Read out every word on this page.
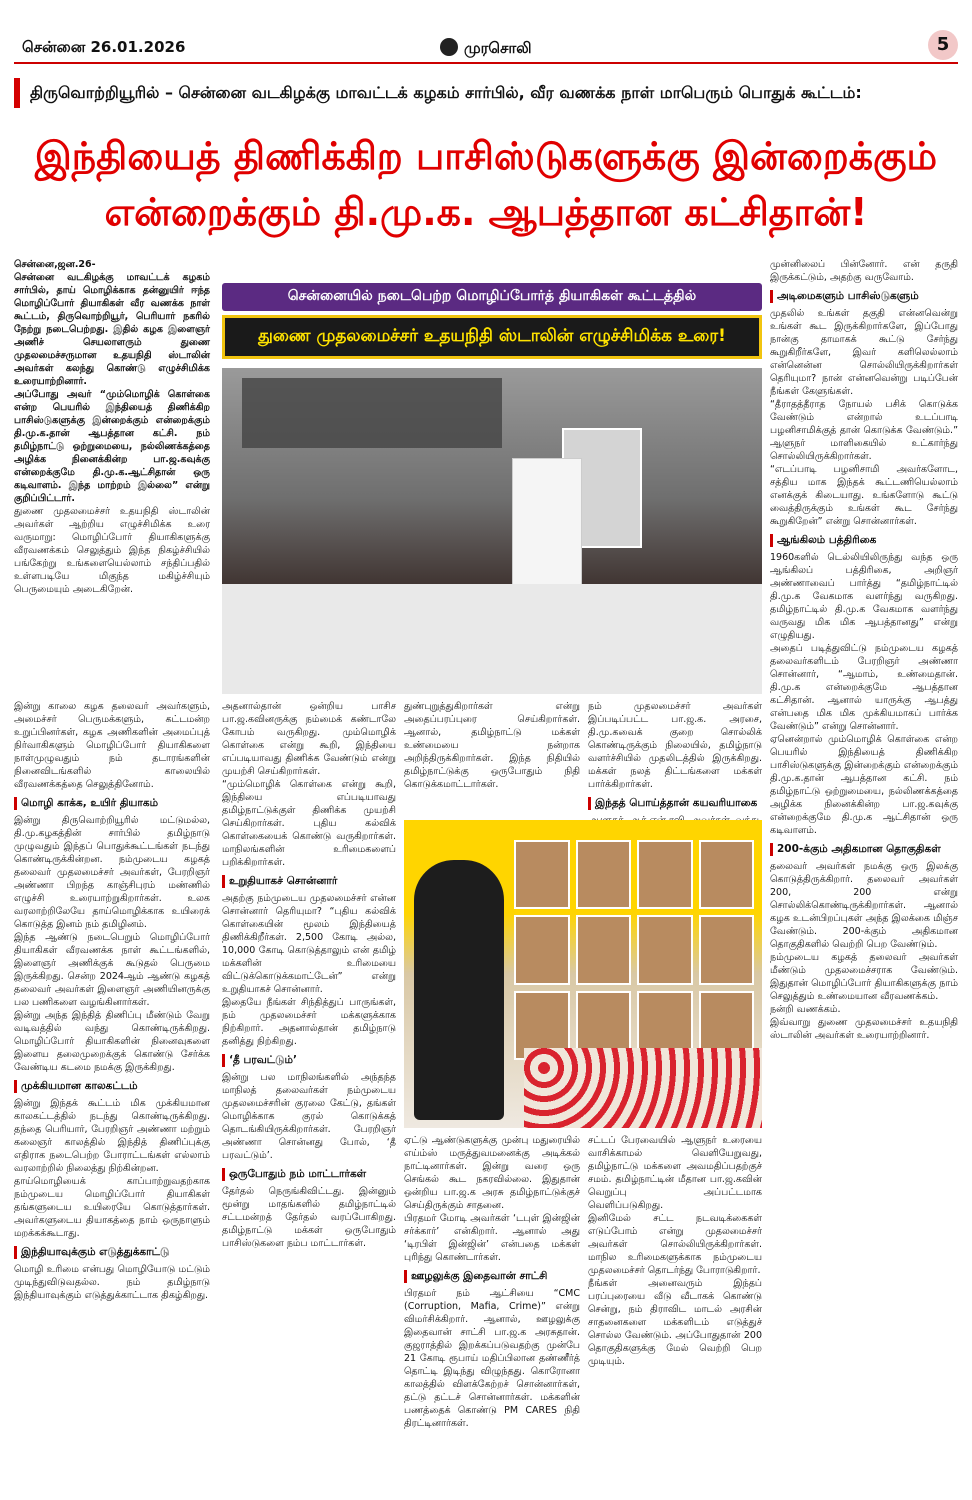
சென்னை 26.01.2026	முரசொலி	5
திருவொற்றியூரில் – சென்னை வடகிழக்கு மாவட்டக் கழகம் சார்பில், வீர வணக்க நாள் மாபெரும் பொதுக் கூட்டம்:
இந்தியைத் திணிக்கிற பாசிஸ்டுகளுக்கு இன்றைக்கும்
என்றைக்கும் தி.மு.க. ஆபத்தான கட்சிதான்!

சென்னை,ஜன.26-

சென்னை வடகிழக்கு மாவட்டக் கழகம் சார்பில், தாய் மொழிக்காக தன்னுயிர் ஈந்த மொழிப்போர் தியாகிகள் வீர வணக்க நாள் கூட்டம், திருவொற்றியூர், பெரியார் நகரில் நேற்று நடைபெற்றது. இதில் கழக இளைஞர் அணிச் செயலாளரும் துணை முதலமைச்சருமான உதயநிதி ஸ்டாலின் அவர்கள் கலந்து கொண்டு எழுச்சிமிக்க உரையாற்றினார்.

அப்போது அவர் “மும்மொழிக் கொள்கை என்ற பெயரில் இந்தியைத் திணிக்கிற பாசிஸ்டுகளுக்கு இன்றைக்கும் என்றைக்கும் தி.மு.க.தான் ஆபத்தான கட்சி. நம் தமிழ்நாட்டு ஒற்றுமையை, நல்லிணக்கத்தை அழிக்க நினைக்கின்ற பா.ஜ.கவுக்கு என்றைக்குமே தி.மு.க.ஆட்சிதான் ஒரு கடிவாளம். இந்த மாற்றம் இல்லை” என்று குறிப்பிட்டார்.

துணை முதலமைச்சர் உதயநிதி ஸ்டாலின் அவர்கள் ஆற்றிய எழுச்சிமிக்க உரை வருமாறு: மொழிப்போர் தியாகிகளுக்கு வீரவணக்கம் செலுத்தும் இந்த நிகழ்ச்சியில் பங்கேற்று உங்களையெல்லாம் சந்திப்பதில் உள்ளபடியே மிகுந்த மகிழ்ச்சியும் பெருமையும் அடைகிறேன்.

சென்னையில் நடைபெற்ற மொழிப்போர்த் தியாகிகள் கூட்டத்தில்
துணை முதலமைச்சர் உதயநிதி ஸ்டாலின் எழுச்சிமிக்க உரை!

இன்று காலை கழக தலைவர் அவர்களும், அமைச்சர் பெருமக்களும், கட்டமன்ற உறுப்பினர்கள், கழக அணிகளின் அமைப்புத் நிர்வாகிகளும் மொழிப்போர் தியாகிகளை நாள்முழுவதும் நம் தடாரங்களின் நினைவிடங்களில் காலையில் வீரவணக்கத்தை செலுத்தினோம்.

மொழி காக்க, உயிர் தியாகம்

இன்று திருவொற்றியூரில் மட்டுமல்ல, தி.மு.கழகத்தின் சார்பில் தமிழ்நாடு முழுவதும் இந்தப் பொதுக்கூட்டங்கள் நடந்து கொண்டிருக்கின்றன. நம்முடைய கழகத் தலைவர் முதலமைச்சர் அவர்கள், பேரறிஞர் அண்ணா பிறந்த காஞ்சிபுரம் மண்ணில் எழுச்சி உரையாற்றுகிறார்கள். உலக வரலாற்றிலேயே தாய்மொழிக்காக உயிரைக் கொடுத்த இனம் நம் தமிழினம்.

இந்த ஆண்டு நடைபெறும் மொழிப்போர் தியாகிகள் வீரவணக்க நாள் கூட்டங்களில், இளைஞர் அணிக்குக் கூடுதல் பெருமை இருக்கிறது. சென்ற 2024ஆம் ஆண்டு கழகத் தலைவர் அவர்கள் இளைஞர் அணியினருக்கு பல பணிகளை வழங்கினார்கள்.

இன்று அந்த இந்தித் திணிப்பு மீண்டும் வேறு வடிவத்தில் வந்து கொண்டிருக்கிறது. மொழிப்போர் தியாகிகளின் நினைவுகளை இளைய தலைமுறைக்குக் கொண்டு சேர்க்க வேண்டிய கடமை நமக்கு இருக்கிறது.

முக்கியமான காலகட்டம்

இன்று இந்தக் கூட்டம் மிக முக்கியமான காலகட்டத்தில் நடந்து கொண்டிருக்கிறது. தந்தை பெரியார், பேரறிஞர் அண்ணா மற்றும் கலைஞர் காலத்தில் இந்தித் திணிப்புக்கு எதிராக நடைபெற்ற போராட்டங்கள் எல்லாம் வரலாற்றில் நிலைத்து நிற்கின்றன.

தாய்மொழியைக் காப்பாற்றுவதற்காக நம்முடைய மொழிப்போர் தியாகிகள் தங்களுடைய உயிரையே கொடுத்தார்கள். அவர்களுடைய தியாகத்தை நாம் ஒருநாளும் மறக்கக்கூடாது.

இந்தியாவுக்கும் எடுத்துக்காட்டு

மொழி உரிமை என்பது மொழியோடு மட்டும் முடிந்துவிடுவதல்ல. நம் தமிழ்நாடு இந்தியாவுக்கும் எடுத்துக்காட்டாக திகழ்கிறது.

அதனால்தான் ஒன்றிய பாசிச பா.ஜ.கவினருக்கு நம்மைக் கண்டாலே கோபம் வருகிறது. மும்மொழிக் கொள்கை என்று கூறி, இந்தியை எப்படியாவது திணிக்க வேண்டும் என்று முயற்சி செய்கிறார்கள்.

“மும்மொழிக் கொள்கை என்று கூறி, இந்தியை எப்படியாவது தமிழ்நாட்டுக்குள் திணிக்க முயற்சி செய்கிறார்கள். புதிய கல்விக் கொள்கையைக் கொண்டு வருகிறார்கள். மாநிலங்களின் உரிமைகளைப் பறிக்கிறார்கள்.

உறுதியாகச் சொன்னார்

அதற்கு நம்முடைய முதலமைச்சர் என்ன சொன்னார் தெரியுமா? “புதிய கல்விக் கொள்கையின் மூலம் இந்தியைத் திணிக்கிறீர்கள். 2,500 கோடி அல்ல, 10,000 கோடி கொடுத்தாலும் என் தமிழ் மக்களின் உரிமையை விட்டுக்கொடுக்கமாட்டேன்” என்று உறுதியாகச் சொன்னார்.

இதையே நீங்கள் சிந்தித்துப் பாருங்கள், நம் முதலமைச்சர் மக்களுக்காக நிற்கிறார். அதனால்தான் தமிழ்நாடு தனித்து நிற்கிறது.

‘தீ பரவட்டும்’

இன்று பல மாநிலங்களில் அந்தந்த மாநிலத் தலைவர்கள் நம்முடைய முதலமைச்சரின் குரலை கேட்டு, தங்கள் மொழிக்காக குரல் கொடுக்கத் தொடங்கியிருக்கிறார்கள். பேரறிஞர் அண்ணா சொன்னது போல், ‘தீ பரவட்டும்’.

ஒருபோதும் நம் மாட்டார்கள்

தேர்தல் நெருங்கிவிட்டது. இன்னும் மூன்று மாதங்களில் தமிழ்நாட்டில் சட்டமன்றத் தேர்தல் வரப்போகிறது. தமிழ்நாட்டு மக்கள் ஒருபோதும் பாசிஸ்டுகளை நம்ப மாட்டார்கள்.

துண்புறுத்துகிறார்கள் என்று அதைப்பரப்புரை செய்கிறார்கள். ஆனால், தமிழ்நாட்டு மக்கள் உண்மையை நன்றாக அறிந்திருக்கிறார்கள். இந்த நிதியில் தமிழ்நாட்டுக்கு ஒருபோதும் நிதி கொடுக்கமாட்டார்கள்.

நம் முதலமைச்சர் அவர்கள் இப்படிப்பட்ட பா.ஜ.க. அரசை, தி.மு.கவைக் குறை சொல்லிக் கொண்டிருக்கும் நிலையில், தமிழ்நாடு வளர்ச்சியில் முதலிடத்தில் இருக்கிறது. மக்கள் நலத் திட்டங்களை மக்கள் பார்க்கிறார்கள்.

இந்தத் பொய்த்தான் கயவரியாகை

ஏட்டு ஆண்டுகளுக்கு முன்பு மதுரையில் எய்ம்ஸ் மருத்துவமனைக்கு அடிக்கல் நாட்டினார்கள். இன்று வரை ஒரு செங்கல் கூட நகரவில்லை. இதுதான் ஒன்றிய பா.ஜ.க அரசு தமிழ்நாட்டுக்குச் செய்திருக்கும் சாதனை.

பிரதமர் மோடி அவர்கள் ‘டபுள் இன்ஜின் சர்க்கார்’ என்கிறார். ஆனால் அது ‘டிரபிள் இன்ஜின்’ என்பதை மக்கள் புரிந்து கொண்டார்கள்.

ஊழலுக்கு இதைவான் சாட்சி

பிரதமர் நம் ஆட்சியை “CMC (Corruption, Mafia, Crime)” என்று விமர்சிக்கிறார். ஆனால், ஊழலுக்கு இதைவான் சாட்சி பா.ஜ.க அரசுதான். குஜராத்தில் இறக்கப்படுவதற்கு முன்பே 21 கோடி ரூபாய் மதிப்பிலான தண்ணீர்த் தொட்டி இடிந்து விழுந்தது. கொரோனா காலத்தில் விளக்கேற்றச் சொன்னார்கள், தட்டு தட்டச் சொன்னார்கள். மக்களின் பணத்தைக் கொண்டு PM CARES நிதி திரட்டினார்கள்.

சட்டப் பேரவையில் ஆளுநர் உரையை வாசிக்காமல் வெளியேறுவது, தமிழ்நாட்டு மக்களை அவமதிப்பதற்குச் சமம். தமிழ்நாட்டின் மீதான பா.ஜ.கவின் வெறுப்பு அப்பட்டமாக வெளிப்படுகிறது.

இனிமேல் சட்ட நடவடிக்கைகள் எடுப்போம் என்று முதலமைச்சர் அவர்கள் சொல்லியிருக்கிறார்கள். மாநில உரிமைகளுக்காக நம்முடைய முதலமைச்சர் தொடர்ந்து போராடுகிறார்.

நீங்கள் அனைவரும் இந்தப் பரப்புரையை வீடு வீடாகக் கொண்டு சென்று, நம் திராவிட மாடல் அரசின் சாதனைகளை மக்களிடம் எடுத்துச் சொல்ல வேண்டும். அப்போதுதான் 200 தொகுதிகளுக்கு மேல் வெற்றி பெற முடியும்.

முன்னிலைப் பின்னோர். என் தருதி இருக்கட்டும், அதற்கு வருவோம்.

அடிமைகளும் பாசிஸ்டுகளும்

முதலில் உங்கள் தகுதி என்னவென்று உங்கள் கூட இருக்கிறார்களே, இப்போது நான்கு தாமாகக் கூட்டு சேர்ந்து கூறுகிறீர்களே, இவர் களிலெல்லாம் என்னென்ன சொல்லியிருக்கிறார்கள் தெரியுமா? நான் என்னவென்று படிப்பேன் நீங்கள் கேளுங்கள்.

“தீராதத்தீராத நோயல் பசிக் கொடுக்க வேண்டும் என்றால் உடப்பாடி பழனிசாமிக்குத் தான் கொடுக்க வேண்டும்.” ஆளுநர் மாளிகையில் உட்கார்ந்து சொல்லியிருக்கிறார்கள்.

“எடப்பாடி பழனிசாமி அவர்களோட, சத்திய மாக இந்தக் கூட்டணியெல்லாம் எனக்குக் கிடையாது. உங்களோடு கூட்டு வைத்திருக்கும் உங்கள் கூட சேர்ந்து கூறுகிறேன்” என்று சொன்னார்கள்.

ஆங்கிலம் பத்திரிகை

1960களில் டெல்லியிலிருந்து வந்த ஒரு ஆங்கிலப் பத்திரிகை, அறிஞர் அண்ணாவைப் பார்த்து “தமிழ்நாட்டில் தி.மு.க வேகமாக வளர்ந்து வருகிறது. தமிழ்நாட்டில் தி.மு.க வேகமாக வளர்ந்து வருவது மிக மிக ஆபத்தானது” என்று எழுதியது.

அதைப் படித்துவிட்டு நம்முடைய கழகத் தலைவர்களிடம் பேரறிஞர் அண்ணா சொன்னார், “ஆமாம், உண்மைதான். தி.மு.க என்றைக்குமே ஆபத்தான கட்சிதான். ஆனால் யாருக்கு ஆபத்து என்பதை மிக மிக முக்கியமாகப் பார்க்க வேண்டும்” என்று சொன்னார்.

ஏனென்றால் மும்மொழிக் கொள்கை என்ற பெயரில் இந்தியைத் திணிக்கிற பாசிஸ்டுகளுக்கு இன்றைக்கும் என்றைக்கும் தி.மு.க.தான் ஆபத்தான கட்சி. நம் தமிழ்நாட்டு ஒற்றுமையை, நல்லிணக்கத்தை அழிக்க நினைக்கின்ற பா.ஜ.கவுக்கு என்றைக்குமே தி.மு.க ஆட்சிதான் ஒரு கடிவாளம்.

200-க்கும் அதிகமான தொகுதிகள்

தலைவர் அவர்கள் நமக்கு ஒரு இலக்கு கொடுத்திருக்கிறார். தலைவர் அவர்கள் 200, 200 என்று சொல்லிக்கொண்டிருக்கிறார்கள். ஆனால் கழக உடன்பிறப்புகள் அந்த இலக்கை மிஞ்ச வேண்டும். 200-க்கும் அதிகமான தொகுதிகளில் வெற்றி பெற வேண்டும்.

நம்முடைய கழகத் தலைவர் அவர்கள் மீண்டும் முதலமைச்சராக வேண்டும். இதுதான் மொழிப்போர் தியாகிகளுக்கு நாம் செலுத்தும் உண்மையான வீரவணக்கம்.

நன்றி வணக்கம்.

இவ்வாறு துணை முதலமைச்சர் உதயநிதி ஸ்டாலின் அவர்கள் உரையாற்றினார்.
